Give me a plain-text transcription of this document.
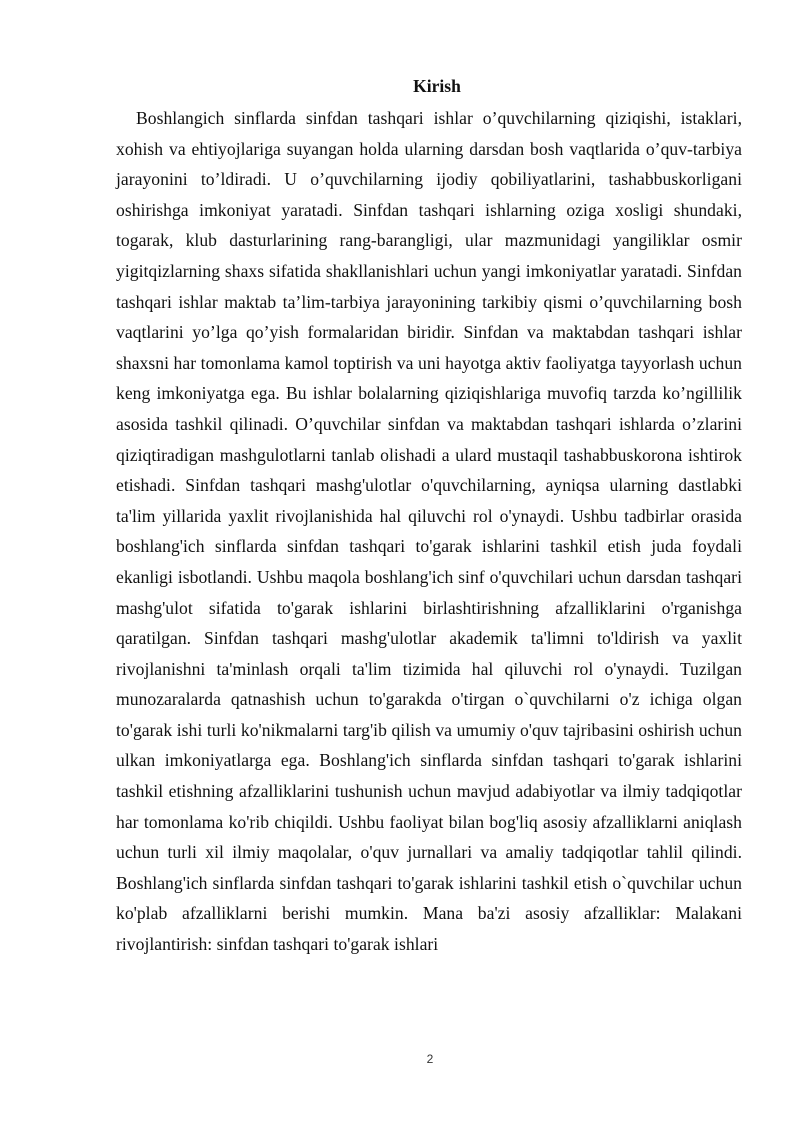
Kirish

Boshlangich sinflarda sinfdan tashqari ishlar o’quvchilarning qiziqishi, istaklari, xohish va ehtiyojlariga suyangan holda ularning darsdan bosh vaqtlarida o’quv-tarbiya jarayonini to’ldiradi. U o’quvchilarning ijodiy qobiliyatlarini, tashabbuskorligani oshirishga imkoniyat yaratadi. Sinfdan tashqari ishlarning oziga xosligi shundaki, togarak, klub dasturlarining rang-barangligi, ular mazmunidagi yangiliklar osmir yigitqizlarning shaxs sifatida shakllanishlari uchun yangi imkoniyatlar yaratadi. Sinfdan tashqari ishlar maktab ta’lim-tarbiya jarayonining tarkibiy qismi o’quvchilarning bosh vaqtlarini yo’lga qo’yish formalaridan biridir. Sinfdan va maktabdan tashqari ishlar shaxsni har tomonlama kamol toptirish va uni hayotga aktiv faoliyatga tayyorlash uchun keng imkoniyatga ega. Bu ishlar bolalarning qiziqishlariga muvofiq tarzda ko’ngillilik asosida tashkil qilinadi. O’quvchilar sinfdan va maktabdan tashqari ishlarda o’zlarini qiziqtiradigan mashgulotlarni tanlab olishadi a ulard mustaqil tashabbuskorona ishtirok etishadi. Sinfdan tashqari mashg'ulotlar o'quvchilarning, ayniqsa ularning dastlabki ta'lim yillarida yaxlit rivojlanishida hal qiluvchi rol o'ynaydi. Ushbu tadbirlar orasida boshlang'ich sinflarda sinfdan tashqari to'garak ishlarini tashkil etish juda foydali ekanligi isbotlandi. Ushbu maqola boshlang'ich sinf o'quvchilari uchun darsdan tashqari mashg'ulot sifatida to'garak ishlarini birlashtirishning afzalliklarini o'rganishga qaratilgan. Sinfdan tashqari mashg'ulotlar akademik ta'limni to'ldirish va yaxlit rivojlanishni ta'minlash orqali ta'lim tizimida hal qiluvchi rol o'ynaydi. Tuzilgan munozaralarda qatnashish uchun to'garakda o'tirgan o`quvchilarni o'z ichiga olgan to'garak ishi turli ko'nikmalarni targ'ib qilish va umumiy o'quv tajribasini oshirish uchun ulkan imkoniyatlarga ega. Boshlang'ich sinflarda sinfdan tashqari to'garak ishlarini tashkil etishning afzalliklarini tushunish uchun mavjud adabiyotlar va ilmiy tadqiqotlar har tomonlama ko'rib chiqildi. Ushbu faoliyat bilan bog'liq asosiy afzalliklarni aniqlash uchun turli xil ilmiy maqolalar, o'quv jurnallari va amaliy tadqiqotlar tahlil qilindi. Boshlang'ich sinflarda sinfdan tashqari to'garak ishlarini tashkil etish o`quvchilar uchun ko'plab afzalliklarni berishi mumkin. Mana ba'zi asosiy afzalliklar: Malakani rivojlantirish: sinfdan tashqari to'garak ishlari

2
